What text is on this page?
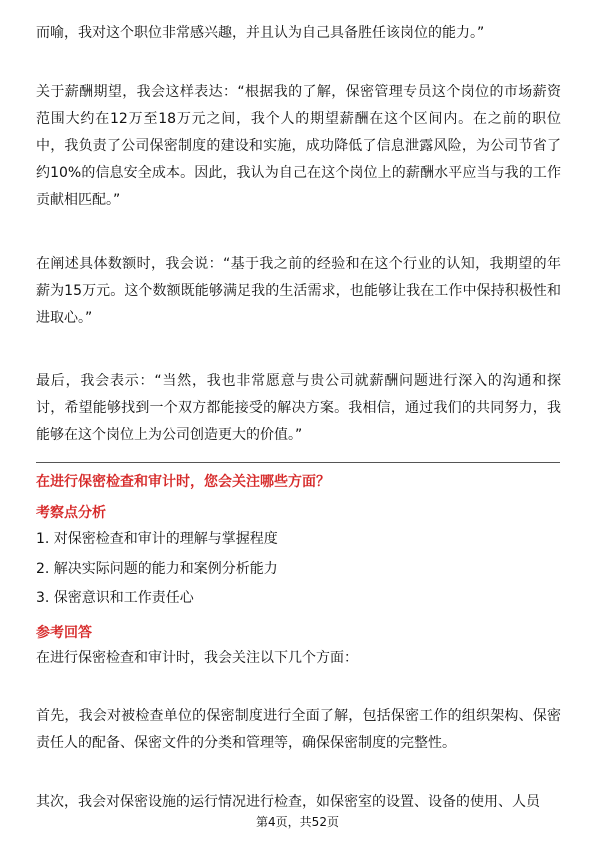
而喻，我对这个职位非常感兴趣，并且认为自己具备胜任该岗位的能力。”

关于薪酬期望，我会这样表达：“根据我的了解，保密管理专员这个岗位的市场薪资范围大约在12万至18万元之间，我个人的期望薪酬在这个区间内。在之前的职位中，我负责了公司保密制度的建设和实施，成功降低了信息泄露风险，为公司节省了约10%的信息安全成本。因此，我认为自己在这个岗位上的薪酬水平应当与我的工作贡献相匹配。”

在阐述具体数额时，我会说：“基于我之前的经验和在这个行业的认知，我期望的年薪为15万元。这个数额既能够满足我的生活需求，也能够让我在工作中保持积极性和进取心。”

最后，我会表示：“当然，我也非常愿意与贵公司就薪酬问题进行深入的沟通和探讨，希望能够找到一个双方都能接受的解决方案。我相信，通过我们的共同努力，我能够在这个岗位上为公司创造更大的价值。”

在进行保密检查和审计时，您会关注哪些方面？
考察点分析
1. 对保密检查和审计的理解与掌握程度
2. 解决实际问题的能力和案例分析能力
3. 保密意识和工作责任心
参考回答

在进行保密检查和审计时，我会关注以下几个方面：

首先，我会对被检查单位的保密制度进行全面了解，包括保密工作的组织架构、保密责任人的配备、保密文件的分类和管理等，确保保密制度的完整性。

其次，我会对保密设施的运行情况进行检查，如保密室的设置、设备的使用、人员

第4页，共52页
